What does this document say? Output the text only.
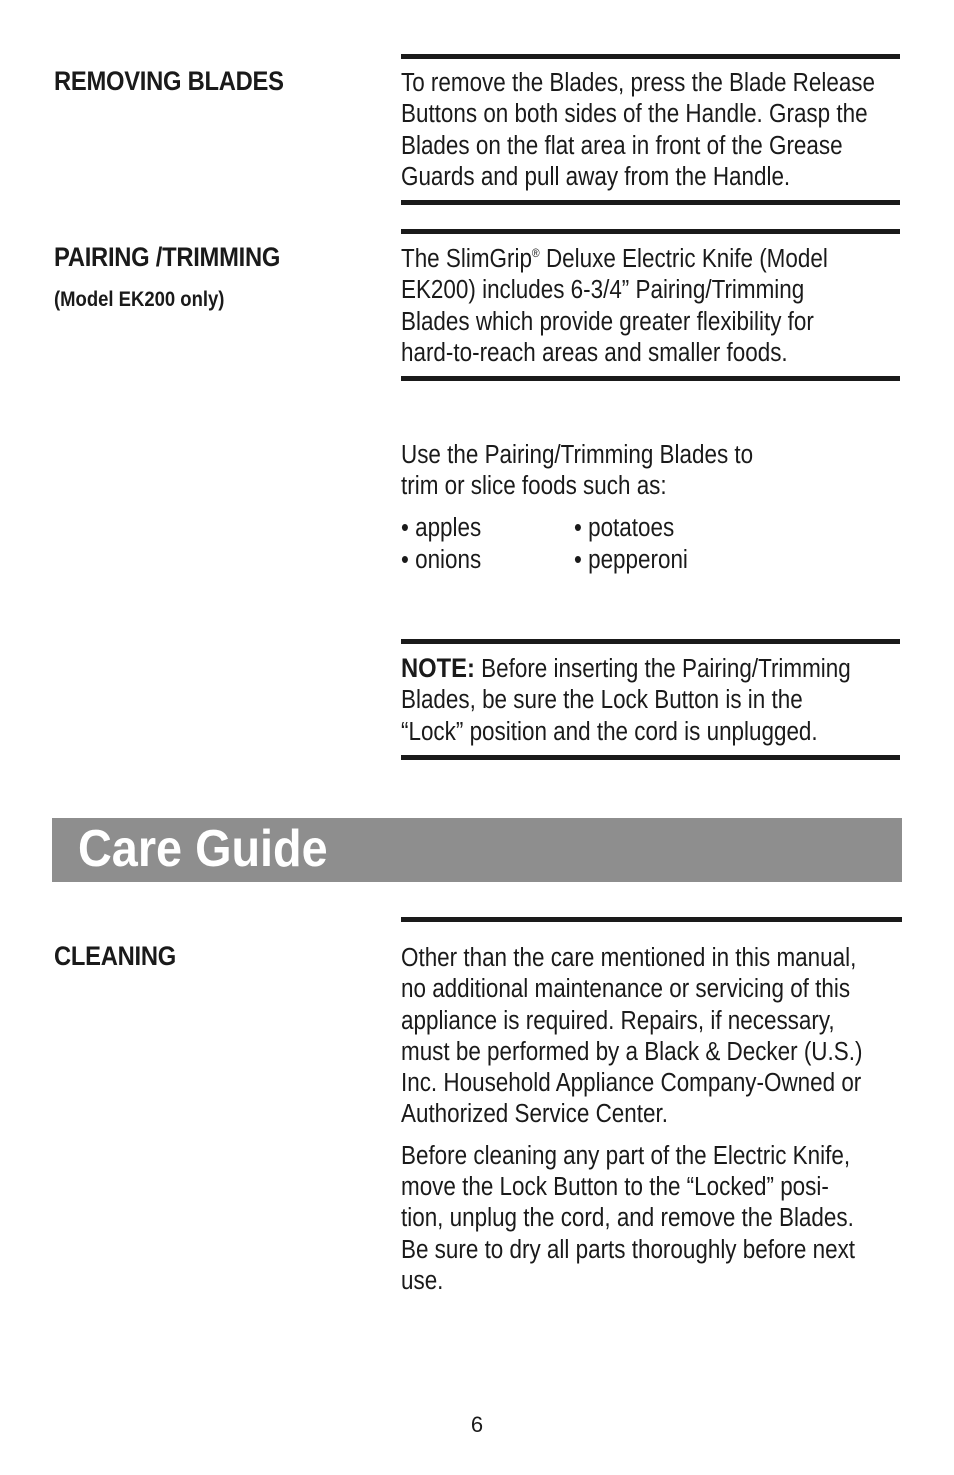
REMOVING BLADES	To remove the Blades, press the Blade Release

Buttons on both sides of the Handle. Grasp the

Blades on the flat area in front of the Grease

Guards and pull away from the Handle.

PAIRING /TRIMMING
(Model EK200 only)

The SlimGrip® Deluxe Electric Knife (Model

EK200) includes 6-3/4” Pairing/Trimming

Blades which provide greater flexibility for

hard-to-reach areas and smaller foods.

Use the Pairing/Trimming Blades to

trim or slice foods such as:

• apples	• potatoes
• onions	• pepperoni

NOTE: Before inserting the Pairing/Trimming

Blades, be sure the Lock Button is in the

“Lock” position and the cord is unplugged.

Care Guide
CLEANING	Other than the care mentioned in this manual,

no additional maintenance or servicing of this

appliance is required. Repairs, if necessary,

must be performed by a Black & Decker (U.S.)

Inc. Household Appliance Company-Owned or

Authorized Service Center.

Before cleaning any part of the Electric Knife,

move the Lock Button to the “Locked” posi-

tion, unplug the cord, and remove the Blades.

Be sure to dry all parts thoroughly before next

use.

6
